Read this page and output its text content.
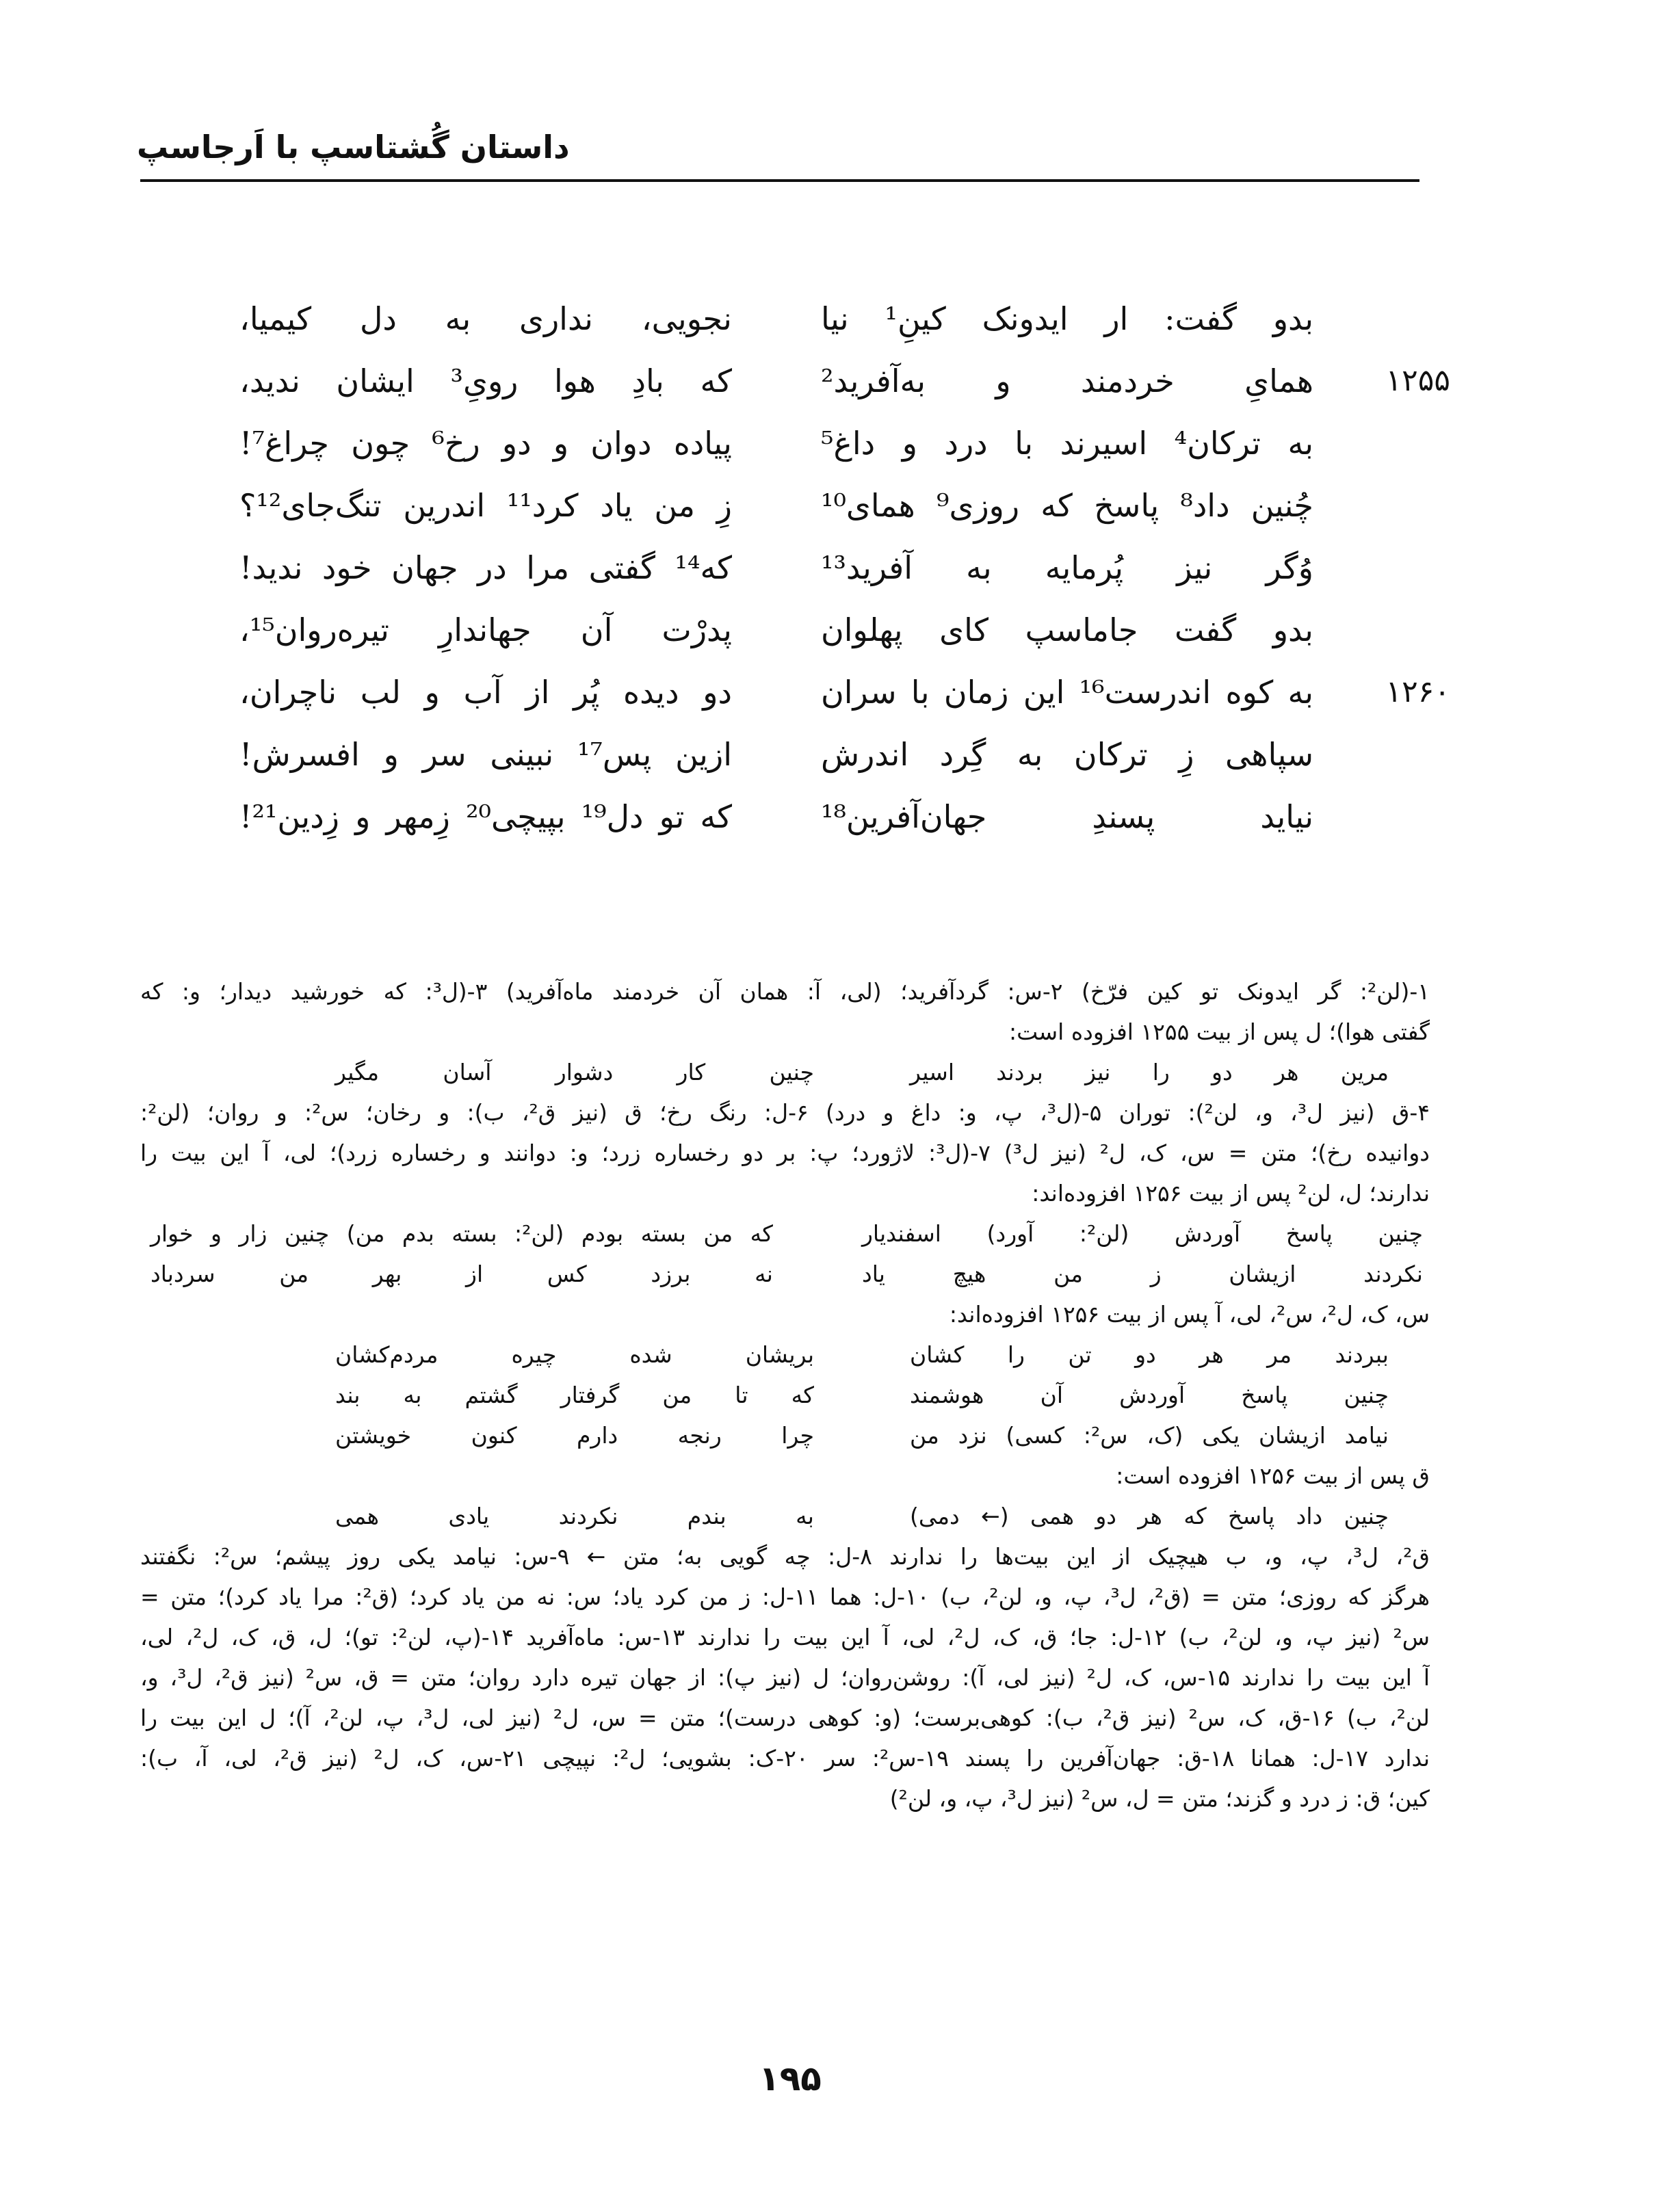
داستان گُشتاسپ با اَرجاسپ
بدو گفت: ار ایدونک کینِ¹ نیا
نجویی، نداری به دل کیمیا،
۱۲۵۵
همایِ خردمند و به‌آفرید²
که بادِ هوا رویِ³ ایشان ندید،
به ترکان⁴ اسیرند با درد و داغ⁵
پیاده دوان و دو رخ⁶ چون چراغ⁷!
چُنین داد⁸ پاسخ که روزی⁹ همای¹⁰
زِ من یاد کرد¹¹ اندرین تنگ‌جای¹²؟
وُگر نیز پُرمایه به آفرید¹³
که¹⁴ گفتی مرا در جهان خود ندید!
بدو گفت جاماسپ کای پهلوان
پدرْت آن جهاندارِ تیره‌روان¹⁵،
۱۲۶۰
به کوه اندرست¹⁶ این زمان با سران
دو دیده پُر از آب و لب ناچران،
سپاهی زِ ترکان به گِرد اندرش
ازین پس¹⁷ نبینی سر و افسرش!
نیاید پسندِ جهان‌آفرین¹⁸
که تو دل¹⁹ بپیچی²⁰ زِمهر و زِدین²¹!
۱-(لن²: گر ایدونک تو کین فرّخ) ۲-س: گردآفرید؛ (لی، آ: همان آن خردمند ماه‌آفرید) ۳-(ل³: که خورشید دیدار؛ و: که
گفتی هوا)؛ ل پس از بیت ۱۲۵۵ افزوده است:
مرین هر دو را نیز بردند اسیر
چنین کار دشوار آسان مگیر
۴-ق (نیز ل³، و، لن²): توران ۵-(ل³، پ، و: داغ و درد) ۶-ل: رنگ رخ؛ ق (نیز ق²، ب): و رخان؛ س²: و روان؛ (لن²:
دوانیده رخ)؛ متن = س، ک، ل² (نیز ل³) ۷-(ل³: لاژورد؛ پ: بر دو رخساره زرد؛ و: دوانند و رخساره زرد)؛ لی، آ این بیت را
ندارند؛ ل، لن² پس از بیت ۱۲۵۶ افزوده‌اند:
چنین پاسخ آوردش (لن²: آورد) اسفندیار
که من بسته بودم (لن²: بسته بدم من) چنین زار و خوار
نکردند ازیشان ز من هیچ یاد
نه برزد کس از بهر من سردباد
س، ک، ل²، س²، لی، آ پس از بیت ۱۲۵۶ افزوده‌اند:
ببردند مر هر دو تن را کشان
بریشان شده چیره مردم‌کشان
چنین پاسخ آوردش آن هوشمند
که تا من گرفتار گشتم به بند
نیامد ازیشان یکی (ک، س²: کسی) نزد من
چرا رنجه دارم کنون خویشتن
ق پس از بیت ۱۲۵۶ افزوده است:
چنین داد پاسخ که هر دو همی (← دمی)
به بندم نکردند یادی همی
ق²، ل³، پ، و، ب هیچیک از این بیت‌ها را ندارند ۸-ل: چه گویی به؛ متن ← ۹-س: نیامد یکی روز پیشم؛ س²: نگفتند
هرگز که روزی؛ متن = (ق²، ل³، پ، و، لن²، ب) ۱۰-ل: هما ۱۱-ل: ز من کرد یاد؛ س: نه من یاد کرد؛ (ق²: مرا یاد کرد)؛ متن =
س² (نیز پ، و، لن²، ب) ۱۲-ل: جا؛ ق، ک، ل²، لی، آ این بیت را ندارند ۱۳-س: ماه‌آفرید ۱۴-(پ، لن²: تو)؛ ل، ق، ک، ل²، لی،
آ این بیت را ندارند ۱۵-س، ک، ل² (نیز لی، آ): روشن‌روان؛ ل (نیز پ): از جهان تیره دارد روان؛ متن = ق، س² (نیز ق²، ل³، و،
لن²، ب) ۱۶-ق، ک، س² (نیز ق²، ب): کوهی‌برست؛ (و: کوهی درست)؛ متن = س، ل² (نیز لی، ل³، پ، لن²، آ)؛ ل این بیت را
ندارد ۱۷-ل: همانا ۱۸-ق: جهان‌آفرین را پسند ۱۹-س²: سر ۲۰-ک: بشویی؛ ل²: نپیچی ۲۱-س، ک، ل² (نیز ق²، لی، آ، ب):
کین؛ ق: ز درد و گزند؛ متن = ل، س² (نیز ل³، پ، و، لن²)
۱۹۵
